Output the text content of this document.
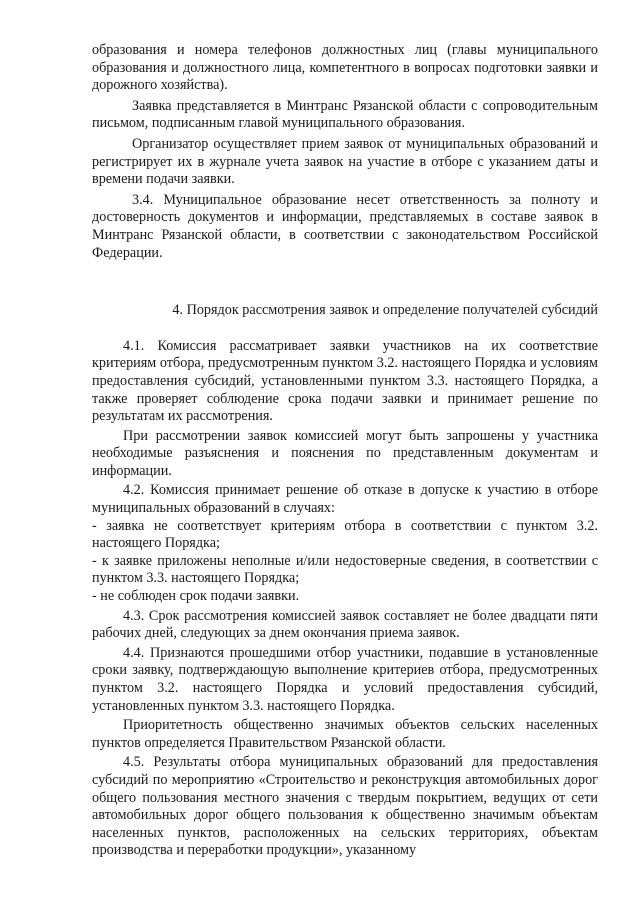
образования и номера телефонов должностных лиц (главы муниципального образования и должностного лица, компетентного в вопросах подготовки заявки и дорожного хозяйства).

Заявка представляется в Минтранс Рязанской области с сопроводительным письмом, подписанным главой муниципального образования.

Организатор осуществляет прием заявок от муниципальных образований и регистрирует их в журнале учета заявок на участие в отборе с указанием даты и времени подачи заявки.

3.4. Муниципальное образование несет ответственность за полноту и достоверность документов и информации, представляемых в составе заявок в Минтранс Рязанской области, в соответствии с законодательством Российской Федерации.

4. Порядок рассмотрения заявок и определение получателей субсидий

4.1. Комиссия рассматривает заявки участников на их соответствие критериям отбора, предусмотренным пунктом 3.2. настоящего Порядка и условиям предоставления субсидий, установленными пунктом 3.3. настоящего Порядка, а также проверяет соблюдение срока подачи заявки и принимает решение по результатам их рассмотрения.

При рассмотрении заявок комиссией могут быть запрошены у участника необходимые разъяснения и пояснения по представленным документам и информации.

4.2. Комиссия принимает решение об отказе в допуске к участию в отборе муниципальных образований в случаях:

- заявка не соответствует критериям отбора в соответствии с пунктом 3.2. настоящего Порядка;

- к заявке приложены неполные и/или недостоверные сведения, в соответствии с пунктом 3.3. настоящего Порядка;

- не соблюден срок подачи заявки.

4.3. Срок рассмотрения комиссией заявок составляет не более двадцати пяти рабочих дней, следующих за днем окончания приема заявок.

4.4. Признаются прошедшими отбор участники, подавшие в установленные сроки заявку, подтверждающую выполнение критериев отбора, предусмотренных пунктом 3.2. настоящего Порядка и условий предоставления субсидий, установленных пунктом 3.3. настоящего Порядка.

Приоритетность общественно значимых объектов сельских населенных пунктов определяется Правительством Рязанской области.

4.5. Результаты отбора муниципальных образований для предоставления субсидий по мероприятию «Строительство и реконструкция автомобильных дорог общего пользования местного значения с твердым покрытием, ведущих от сети автомобильных дорог общего пользования к общественно значимым объектам населенных пунктов, расположенных на сельских территориях, объектам производства и переработки продукции», указанному
